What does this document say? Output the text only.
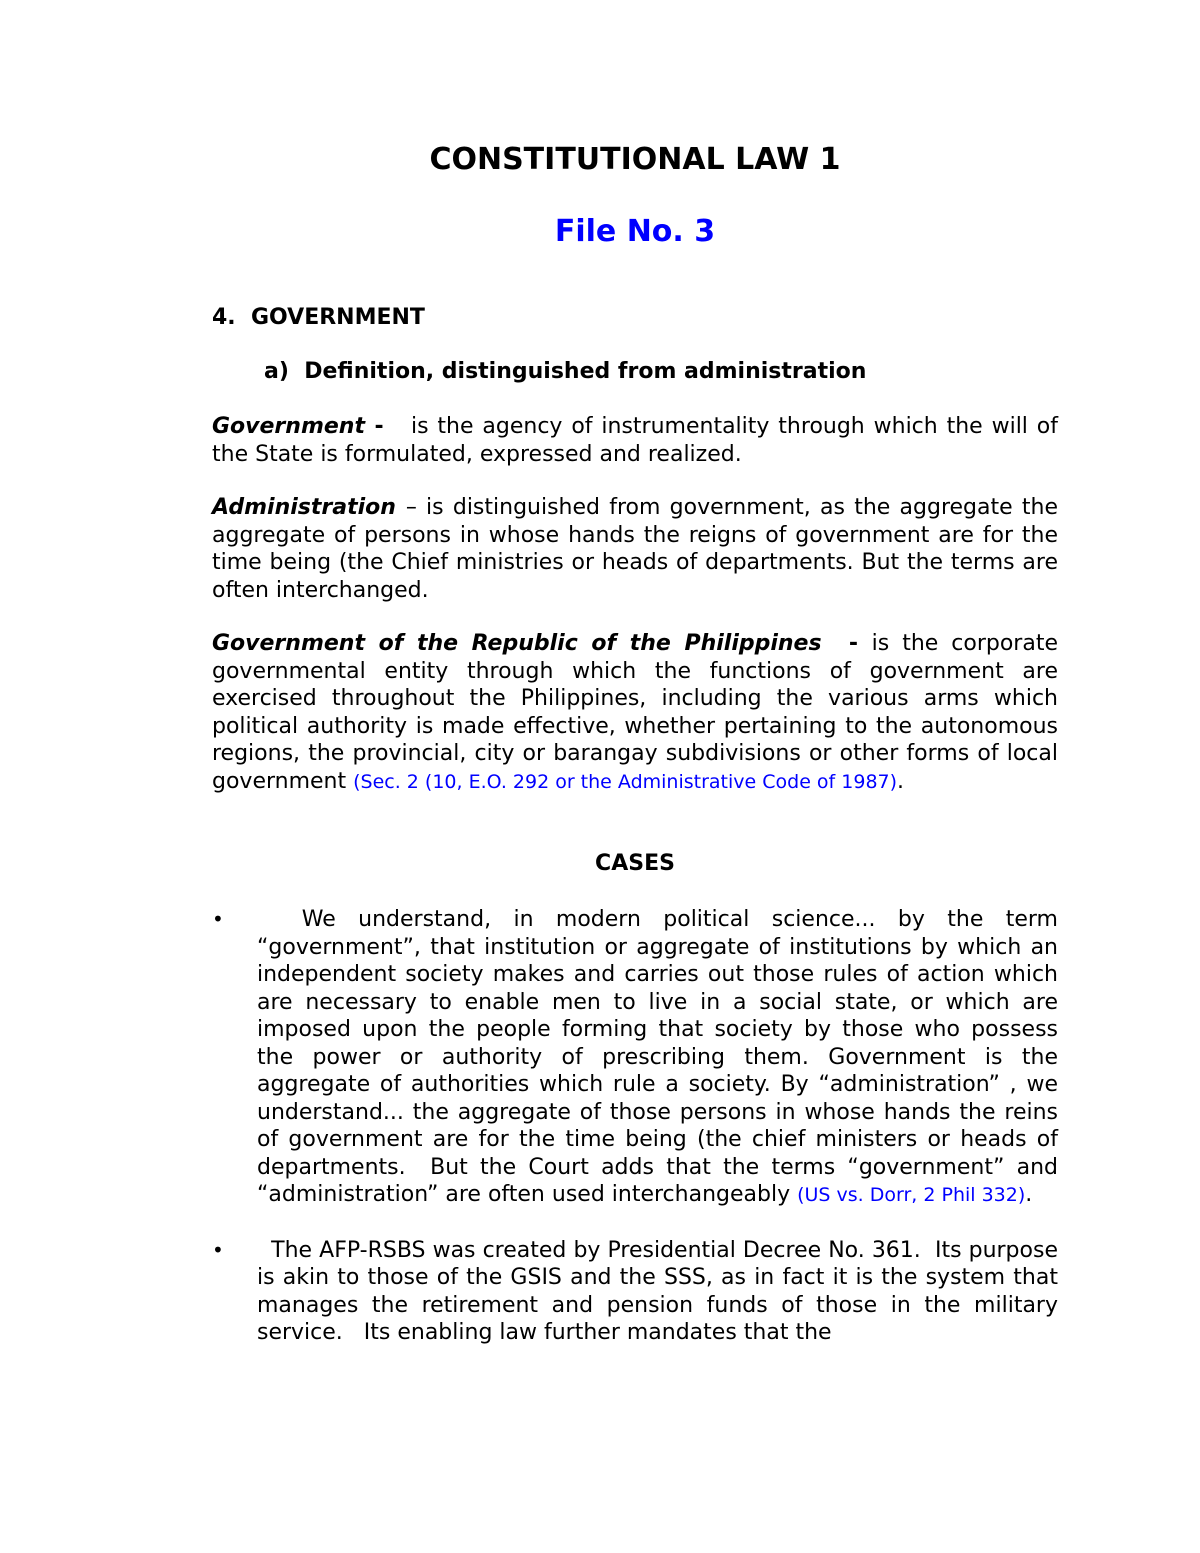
CONSTITUTIONAL LAW 1
File No. 3
4. GOVERNMENT
a) Definition, distinguished from administration

Government -   is the agency of instrumentality through which the will of the State is formulated, expressed and realized.

Administration – is distinguished from government, as the aggregate the aggregate of persons in whose hands the reigns of government are for the time being (the Chief ministries or heads of departments. But the terms are often interchanged.

Government of the Republic of the Philippines  - is the corporate governmental entity through which the functions of government are exercised throughout the Philippines, including the various arms which political authority is made effective, whether pertaining to the autonomous regions, the provincial, city or barangay subdivisions or other forms of local government (Sec. 2 (10, E.O. 292 or the Administrative Code of 1987).

CASES
• We understand, in modern political science... by the term “government”, that institution or aggregate of institutions by which an independent society makes and carries out those rules of action which are necessary to enable men to live in a social state, or which are imposed upon the people forming that society by those who possess the power or authority of prescribing them. Government is the aggregate of authorities which rule a society. By “administration” , we understand... the aggregate of those persons in whose hands the reins of government are for the time being (the chief ministers or heads of departments.  But the Court adds that the terms “government” and “administration” are often used interchangeably (US vs. Dorr, 2 Phil 332).
• The AFP-RSBS was created by Presidential Decree No. 361.  Its purpose is akin to those of the GSIS and the SSS, as in fact it is the system that manages the retirement and pension funds of those in the military service.   Its enabling law further mandates that the
